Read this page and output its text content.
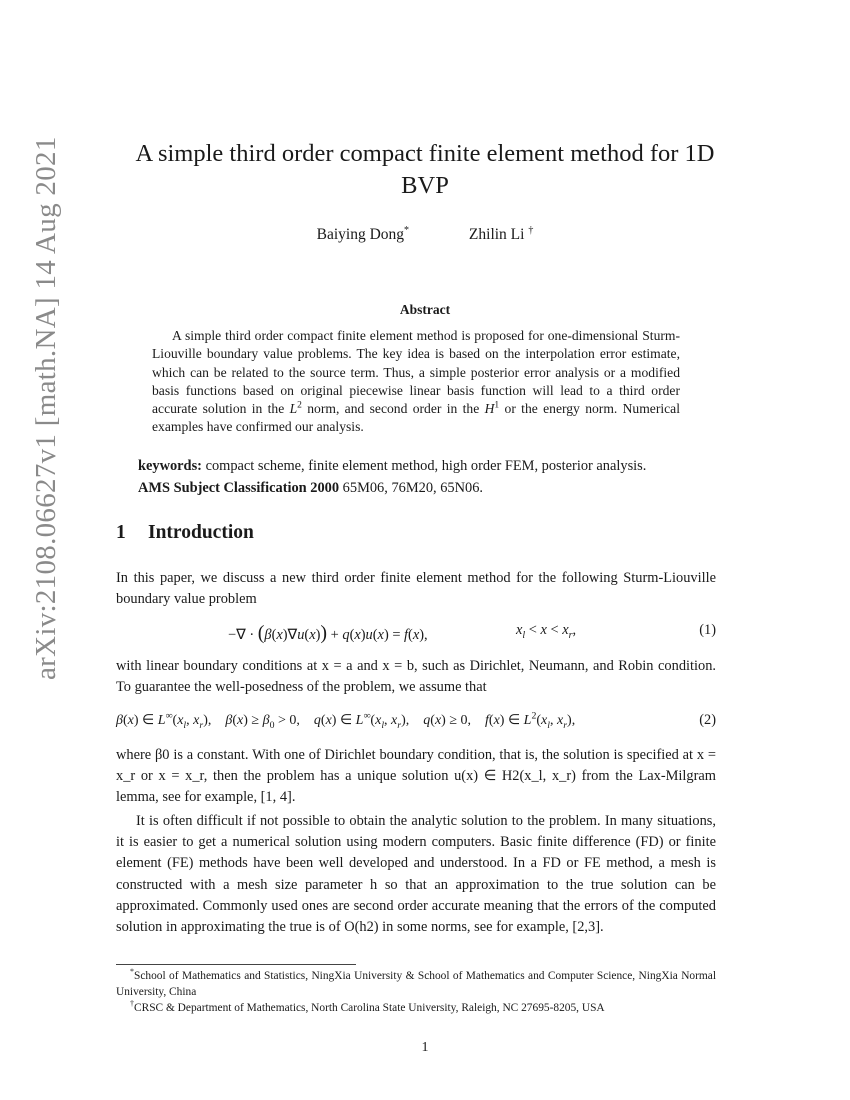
arXiv:2108.06627v1 [math.NA] 14 Aug 2021	A simple third order compact finite element method for 1D BVP
Baiying Dong*	Zhilin Li †
Abstract
A simple third order compact finite element method is proposed for one-dimensional Sturm-Liouville boundary value problems. The key idea is based on the interpolation error estimate, which can be related to the source term. Thus, a simple posterior error analysis or a modified basis functions based on original piecewise linear basis function will lead to a third order accurate solution in the $L^2$ norm, and second order in the $H^1$ or the energy norm. Numerical examples have confirmed our analysis.
keywords: compact scheme, finite element method, high order FEM, posterior analysis.
AMS Subject Classification 2000 65M06, 76M20, 65N06.
1 Introduction
In this paper, we discuss a new third order finite element method for the following Sturm-Liouville boundary value problem
−∇ · (β(x)∇u(x)) + q(x)u(x) = f(x),	$x_l < x < x_r$,	(1)
with linear boundary conditions at x = a and x = b, such as Dirichlet, Neumann, and Robin condition. To guarantee the well-posedness of the problem, we assume that
β(x) ∈ $L^\infty(x_l$, $x_r$),    $\beta(x) \ge \beta_0 > 0$,    q(x) ∈ $L^\infty(x_l$, $x_r$),    q(x) ≥ 0,    f(x) ∈ $L^2(x_l$, $x_r$),	(2)
where β0 is a constant. With one of Dirichlet boundary condition, that is, the solution is specified at x = x_r or x = x_r, then the problem has a unique solution u(x) ∈ H2(x_l, x_r) from the Lax-Milgram lemma, see for example, [1, 4].
It is often difficult if not possible to obtain the analytic solution to the problem. In many situations, it is easier to get a numerical solution using modern computers. Basic finite difference (FD) or finite element (FE) methods have been well developed and understood. In a FD or FE method, a mesh is constructed with a mesh size parameter h so that an approximation to the true solution can be approximated. Commonly used ones are second order accurate meaning that the errors of the computed solution in approximating the true is of O(h2) in some norms, see for example, [2,3].

*School of Mathematics and Statistics, NingXia University & School of Mathematics and Computer Science, NingXia Normal University, China

†CRSC & Department of Mathematics, North Carolina State University, Raleigh, NC 27695-8205, USA

1
